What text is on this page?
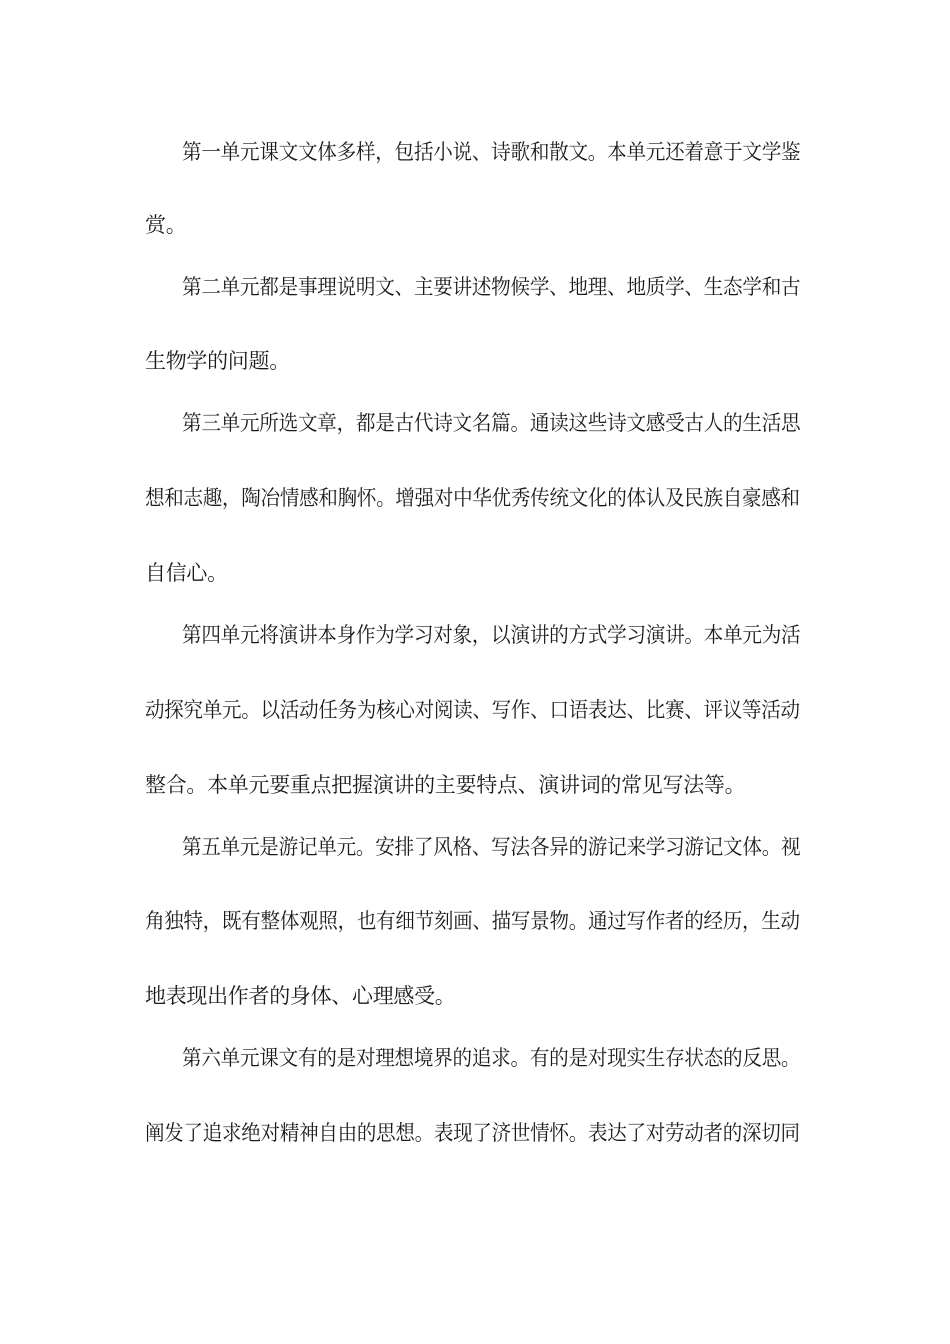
第一单元课文文体多样，包括小说、诗歌和散文。本单元还着意于文学鉴
赏。
第二单元都是事理说明文、主要讲述物候学、地理、地质学、生态学和古
生物学的问题。
第三单元所选文章，都是古代诗文名篇。通读这些诗文感受古人的生活思
想和志趣，陶冶情感和胸怀。增强对中华优秀传统文化的体认及民族自豪感和
自信心。
第四单元将演讲本身作为学习对象，以演讲的方式学习演讲。本单元为活
动探究单元。以活动任务为核心对阅读、写作、口语表达、比赛、评议等活动
整合。本单元要重点把握演讲的主要特点、演讲词的常见写法等。
第五单元是游记单元。安排了风格、写法各异的游记来学习游记文体。视
角独特，既有整体观照，也有细节刻画、描写景物。通过写作者的经历，生动
地表现出作者的身体、心理感受。
第六单元课文有的是对理想境界的追求。有的是对现实生存状态的反思。
阐发了追求绝对精神自由的思想。表现了济世情怀。表达了对劳动者的深切同
